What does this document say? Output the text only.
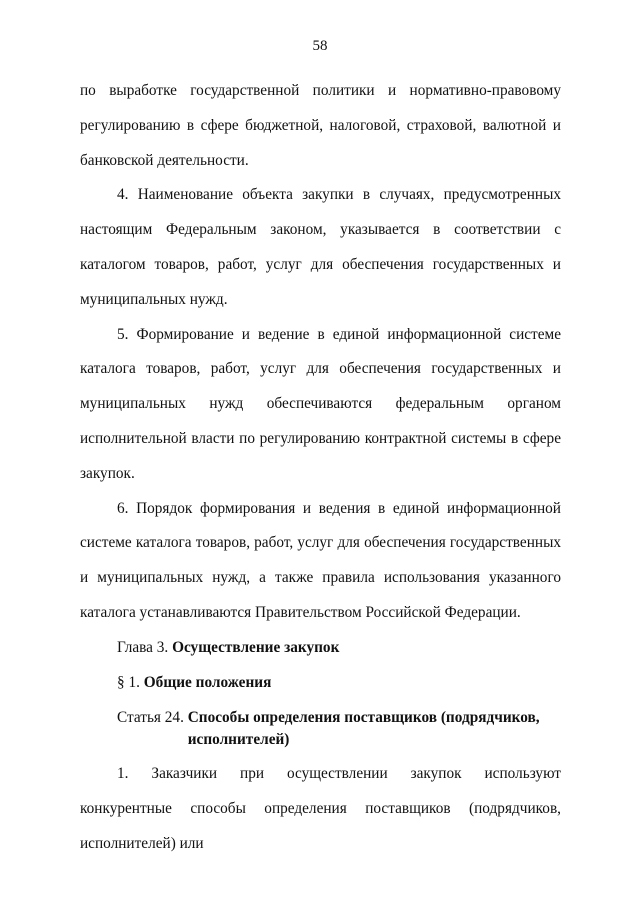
58

по выработке государственной политики и нормативно-правовому регулированию в сфере бюджетной, налоговой, страховой, валютной и банковской деятельности.

4. Наименование объекта закупки в случаях, предусмотренных настоящим Федеральным законом, указывается в соответствии с каталогом товаров, работ, услуг для обеспечения государственных и муниципальных нужд.

5. Формирование и ведение в единой информационной системе каталога товаров, работ, услуг для обеспечения государственных и муниципальных нужд обеспечиваются федеральным органом исполнительной власти по регулированию контрактной системы в сфере закупок.

6. Порядок формирования и ведения в единой информационной системе каталога товаров, работ, услуг для обеспечения государственных и муниципальных нужд, а также правила использования указанного каталога устанавливаются Правительством Российской Федерации.

Глава 3. Осуществление закупок
§ 1. Общие положения
Статья 24. Способы определения поставщиков (подрядчиков, исполнителей)

1. Заказчики при осуществлении закупок используют конкурентные способы определения поставщиков (подрядчиков, исполнителей) или
